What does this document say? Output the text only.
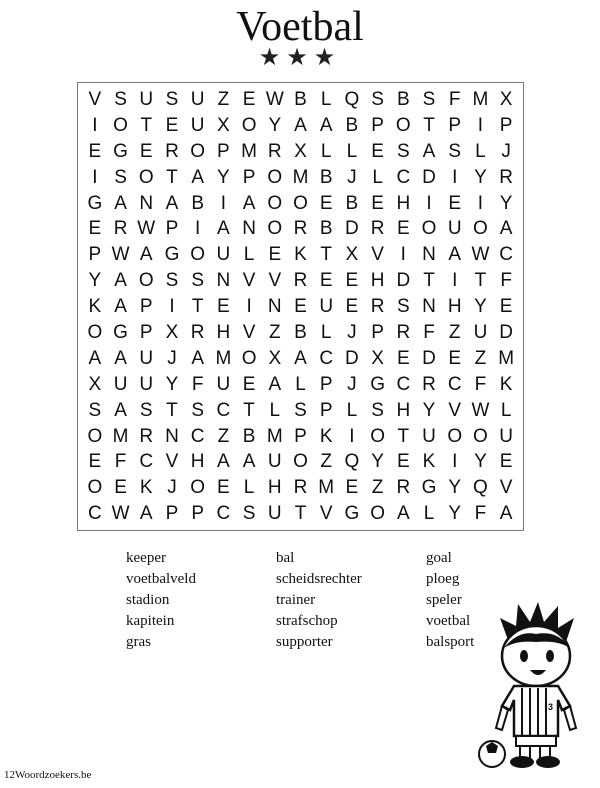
Voetbal
★★★
V S U S U Z E W B L Q S B S F M X
I O T E U X O Y A A B P O T P I P
E G E R O P M R X L L E S A S L J
I S O T A Y P O M B J L C D I Y R
G A N A B I A O O E B E H I E I Y
E R W P I A N O R B D R E O U O A
P W A G O U L E K T X V I N A W C
Y A O S S N V V R E E H D T I T F
K A P I T E I N E U E R S N H Y E
O G P X R H V Z B L J P R F Z U D
A A U J A M O X A C D X E D E Z M
X U U Y F U E A L P J G C R C F K
S A S T S C T L S P L S H Y V W L
O M R N C Z B M P K I O T U O O U
E F C V H A A U O Z Q Y E K I Y E
O E K J O E L H R M E Z R G Y Q V
C W A P P C S U T V G O A L Y F A
keeper	bal	goal
voetbalveld	scheidsrechter	ploeg
stadion	trainer	speler
kapitein	strafschop	voetbal
gras	supporter	balsport
3
12Woordzoekers.be
